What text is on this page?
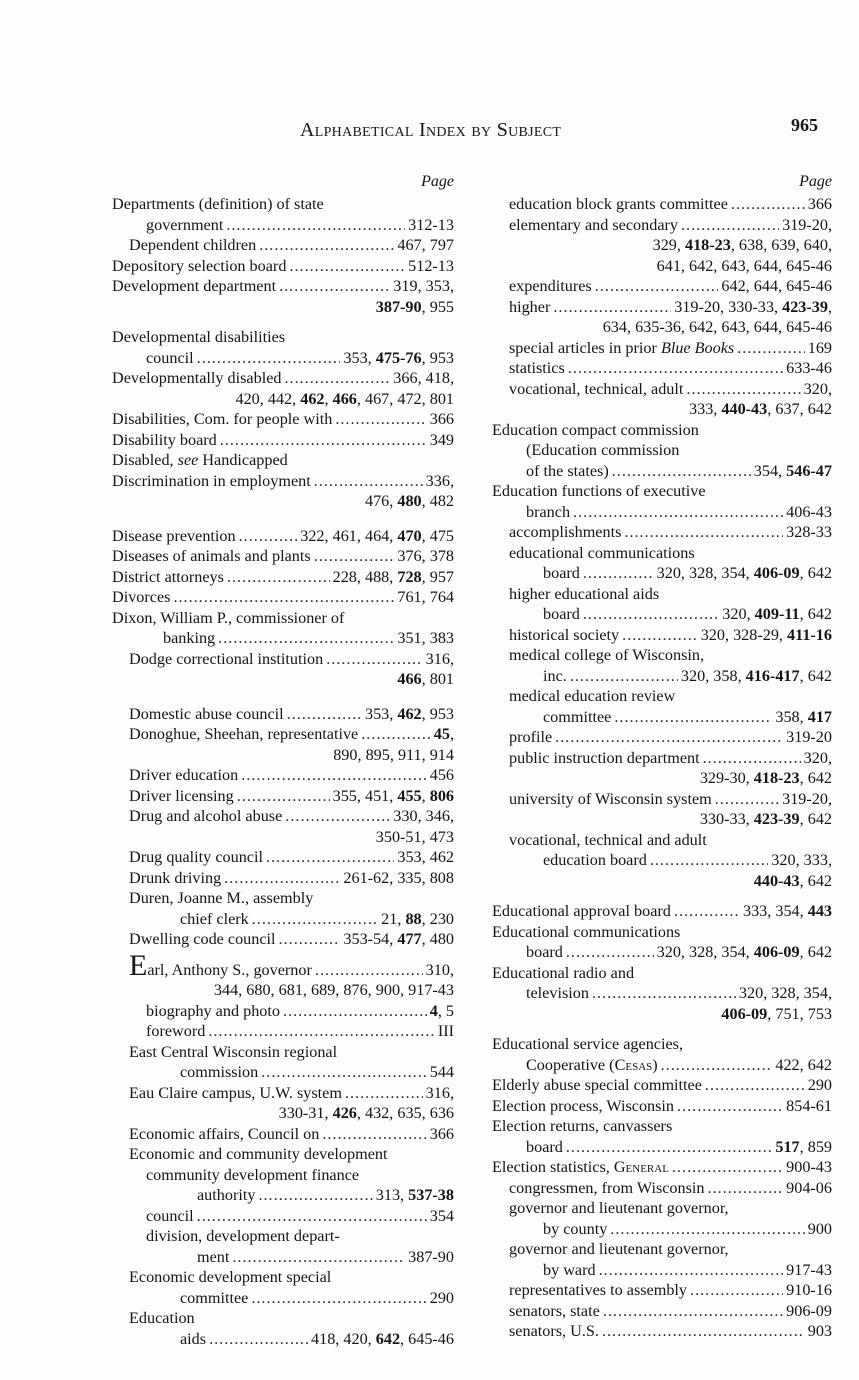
Alphabetical Index by Subject	965
Page
Departments (definition) of state
government .....	312-13
Dependent children .....	467, 797
Depository selection board .....	512-13
Development department .....	319, 353,
387-90, 955
Developmental disabilities
council .....	353, 475-76, 953
Developmentally disabled .....	366, 418,
420, 442, 462, 466, 467, 472, 801
Disabilities, Com. for people with .....	366
Disability board .....	349
Disabled, see Handicapped
Discrimination in employment .....	336,
476, 480, 482
Disease prevention .....	322, 461, 464, 470, 475
Diseases of animals and plants .....	376, 378
District attorneys .....	228, 488, 728, 957
Divorces .....	761, 764
Dixon, William P., commissioner of
banking .....	351, 383
Dodge correctional institution .....	316,
466, 801
Domestic abuse council .....	353, 462, 953
Donoghue, Sheehan, representative .....	45,
890, 895, 911, 914
Driver education .....	456
Driver licensing .....	355, 451, 455, 806
Drug and alcohol abuse .....	330, 346,
350-51, 473
Drug quality council .....	353, 462
Drunk driving .....	261-62, 335, 808
Duren, Joanne M., assembly
chief clerk .....	21, 88, 230
Dwelling code council .....	353-54, 477, 480
Earl, Anthony S., governor .....	310,
344, 680, 681, 689, 876, 900, 917-43
biography and photo .....	4, 5
foreword .....	III
East Central Wisconsin regional
commission .....	544
Eau Claire campus, U.W. system .....	316,
330-31, 426, 432, 635, 636
Economic affairs, Council on .....	366
Economic and community development
community development finance
authority .....	313, 537-38
council .....	354
division, development depart-
ment .....	387-90
Economic development special
committee .....	290
Education
aids .....	418, 420, 642, 645-46
Page
education block grants committee .....	366
elementary and secondary .....	319-20,
329, 418-23, 638, 639, 640,
641, 642, 643, 644, 645-46
expenditures .....	642, 644, 645-46
higher .....	319-20, 330-33, 423-39,
634, 635-36, 642, 643, 644, 645-46
special articles in prior Blue Books .....	169
statistics .....	633-46
vocational, technical, adult .....	320,
333, 440-43, 637, 642
Education compact commission
(Education commission
of the states) .....	354, 546-47
Education functions of executive
branch .....	406-43
accomplishments .....	328-33
educational communications
board .....	320, 328, 354, 406-09, 642
higher educational aids
board .....	320, 409-11, 642
historical society .....	320, 328-29, 411-16
medical college of Wisconsin,
inc. .....	320, 358, 416-417, 642
medical education review
committee .....	358, 417
profile .....	319-20
public instruction department .....	320,
329-30, 418-23, 642
university of Wisconsin system .....	319-20,
330-33, 423-39, 642
vocational, technical and adult
education board .....	320, 333,
440-43, 642
Educational approval board .....	333, 354, 443
Educational communications
board .....	320, 328, 354, 406-09, 642
Educational radio and
television .....	320, 328, 354,
406-09, 751, 753
Educational service agencies,
Cooperative (Cesas) .....	422, 642
Elderly abuse special committee .....	290
Election process, Wisconsin .....	854-61
Election returns, canvassers
board .....	517, 859
Election statistics, General .....	900-43
congressmen, from Wisconsin .....	904-06
governor and lieutenant governor,
by county .....	900
governor and lieutenant governor,
by ward .....	917-43
representatives to assembly .....	910-16
senators, state .....	906-09
senators, U.S. .....	903
